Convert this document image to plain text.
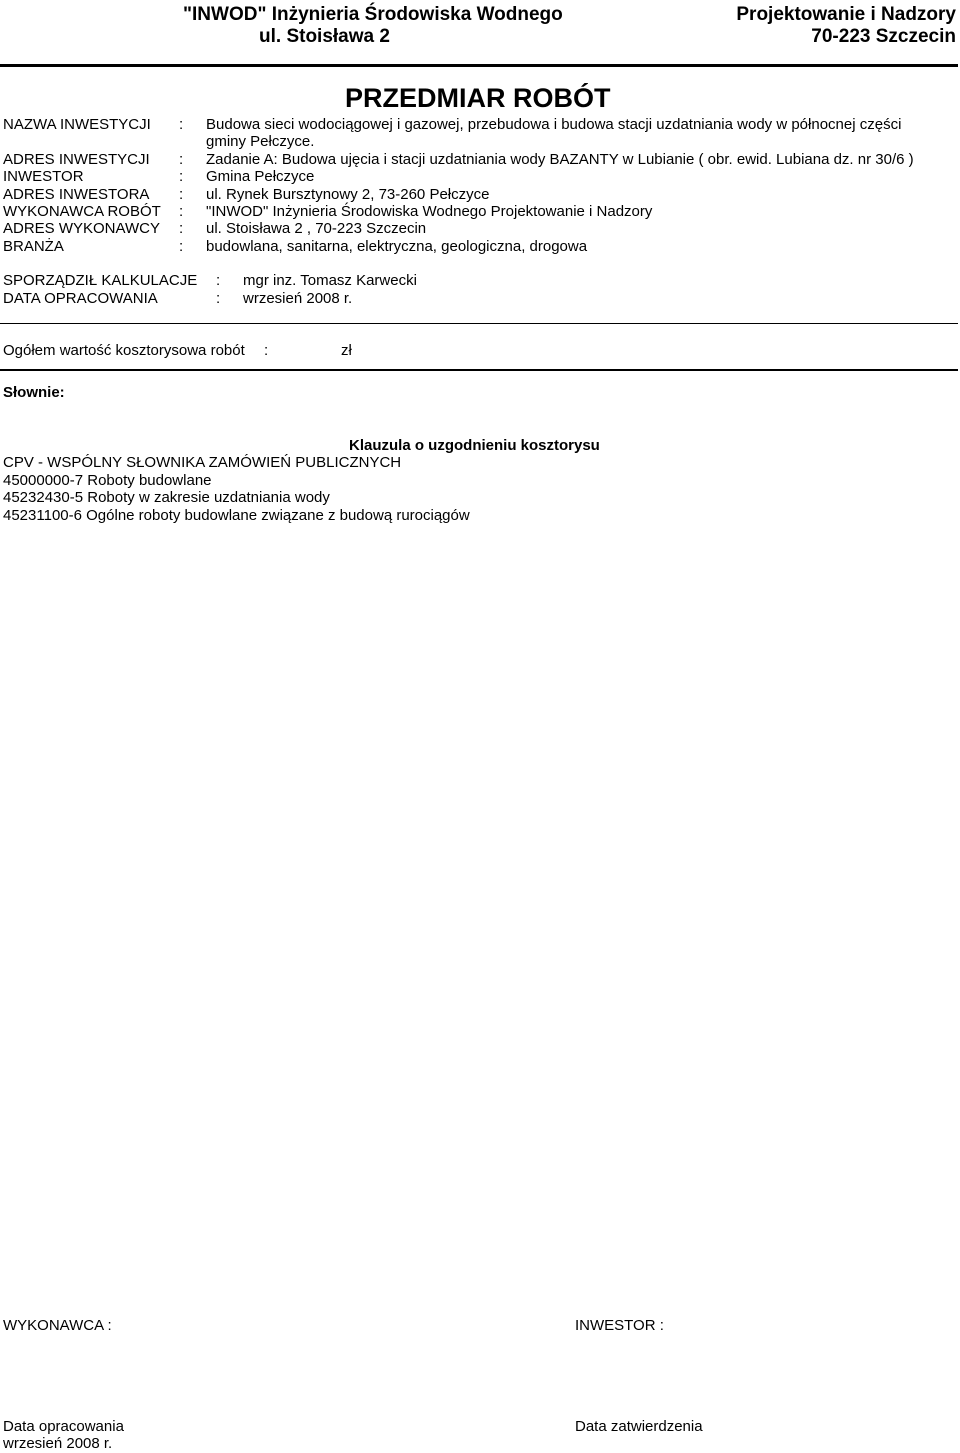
"INWOD" Inżynieria Środowiska Wodnego
ul. Stoisława 2
Projektowanie i Nadzory
70-223 Szczecin
PRZEDMIAR ROBÓT
NAZWA INWESTYCJI : Budowa sieci wodociągowej i gazowej, przebudowa i budowa stacji uzdatniania wody w północnej części
gminy Pełczyce.
ADRES INWESTYCJI : Zadanie A: Budowa ujęcia i stacji uzdatniania wody BAZANTY w Lubianie ( obr. ewid. Lubiana dz. nr 30/6 )
INWESTOR	: Gmina Pełczyce
ADRES INWESTORA : ul. Rynek Bursztynowy 2, 73-260 Pełczyce
WYKONAWCA ROBÓT : "INWOD" Inżynieria Środowiska Wodnego Projektowanie i Nadzory
ADRES WYKONAWCY : ul. Stoisława 2 , 70-223 Szczecin
BRANŻA	: budowlana, sanitarna, elektryczna, geologiczna, drogowa
SPORZĄDZIŁ KALKULACJE : mgr inz. Tomasz Karwecki
DATA OPRACOWANIA	: wrzesień 2008 r.
Ogółem wartość kosztorysowa robót :	zł
Słownie:
Klauzula o uzgodnieniu kosztorysu
CPV - WSPÓLNY SŁOWNIKA ZAMÓWIEŃ PUBLICZNYCH
45000000-7 Roboty budowlane
45232430-5 Roboty w zakresie uzdatniania wody
45231100-6 Ogólne roboty budowlane związane z budową rurociągów
WYKONAWCA :	INWESTOR :
Data opracowania
wrzesień 2008 r.
Data zatwierdzenia
